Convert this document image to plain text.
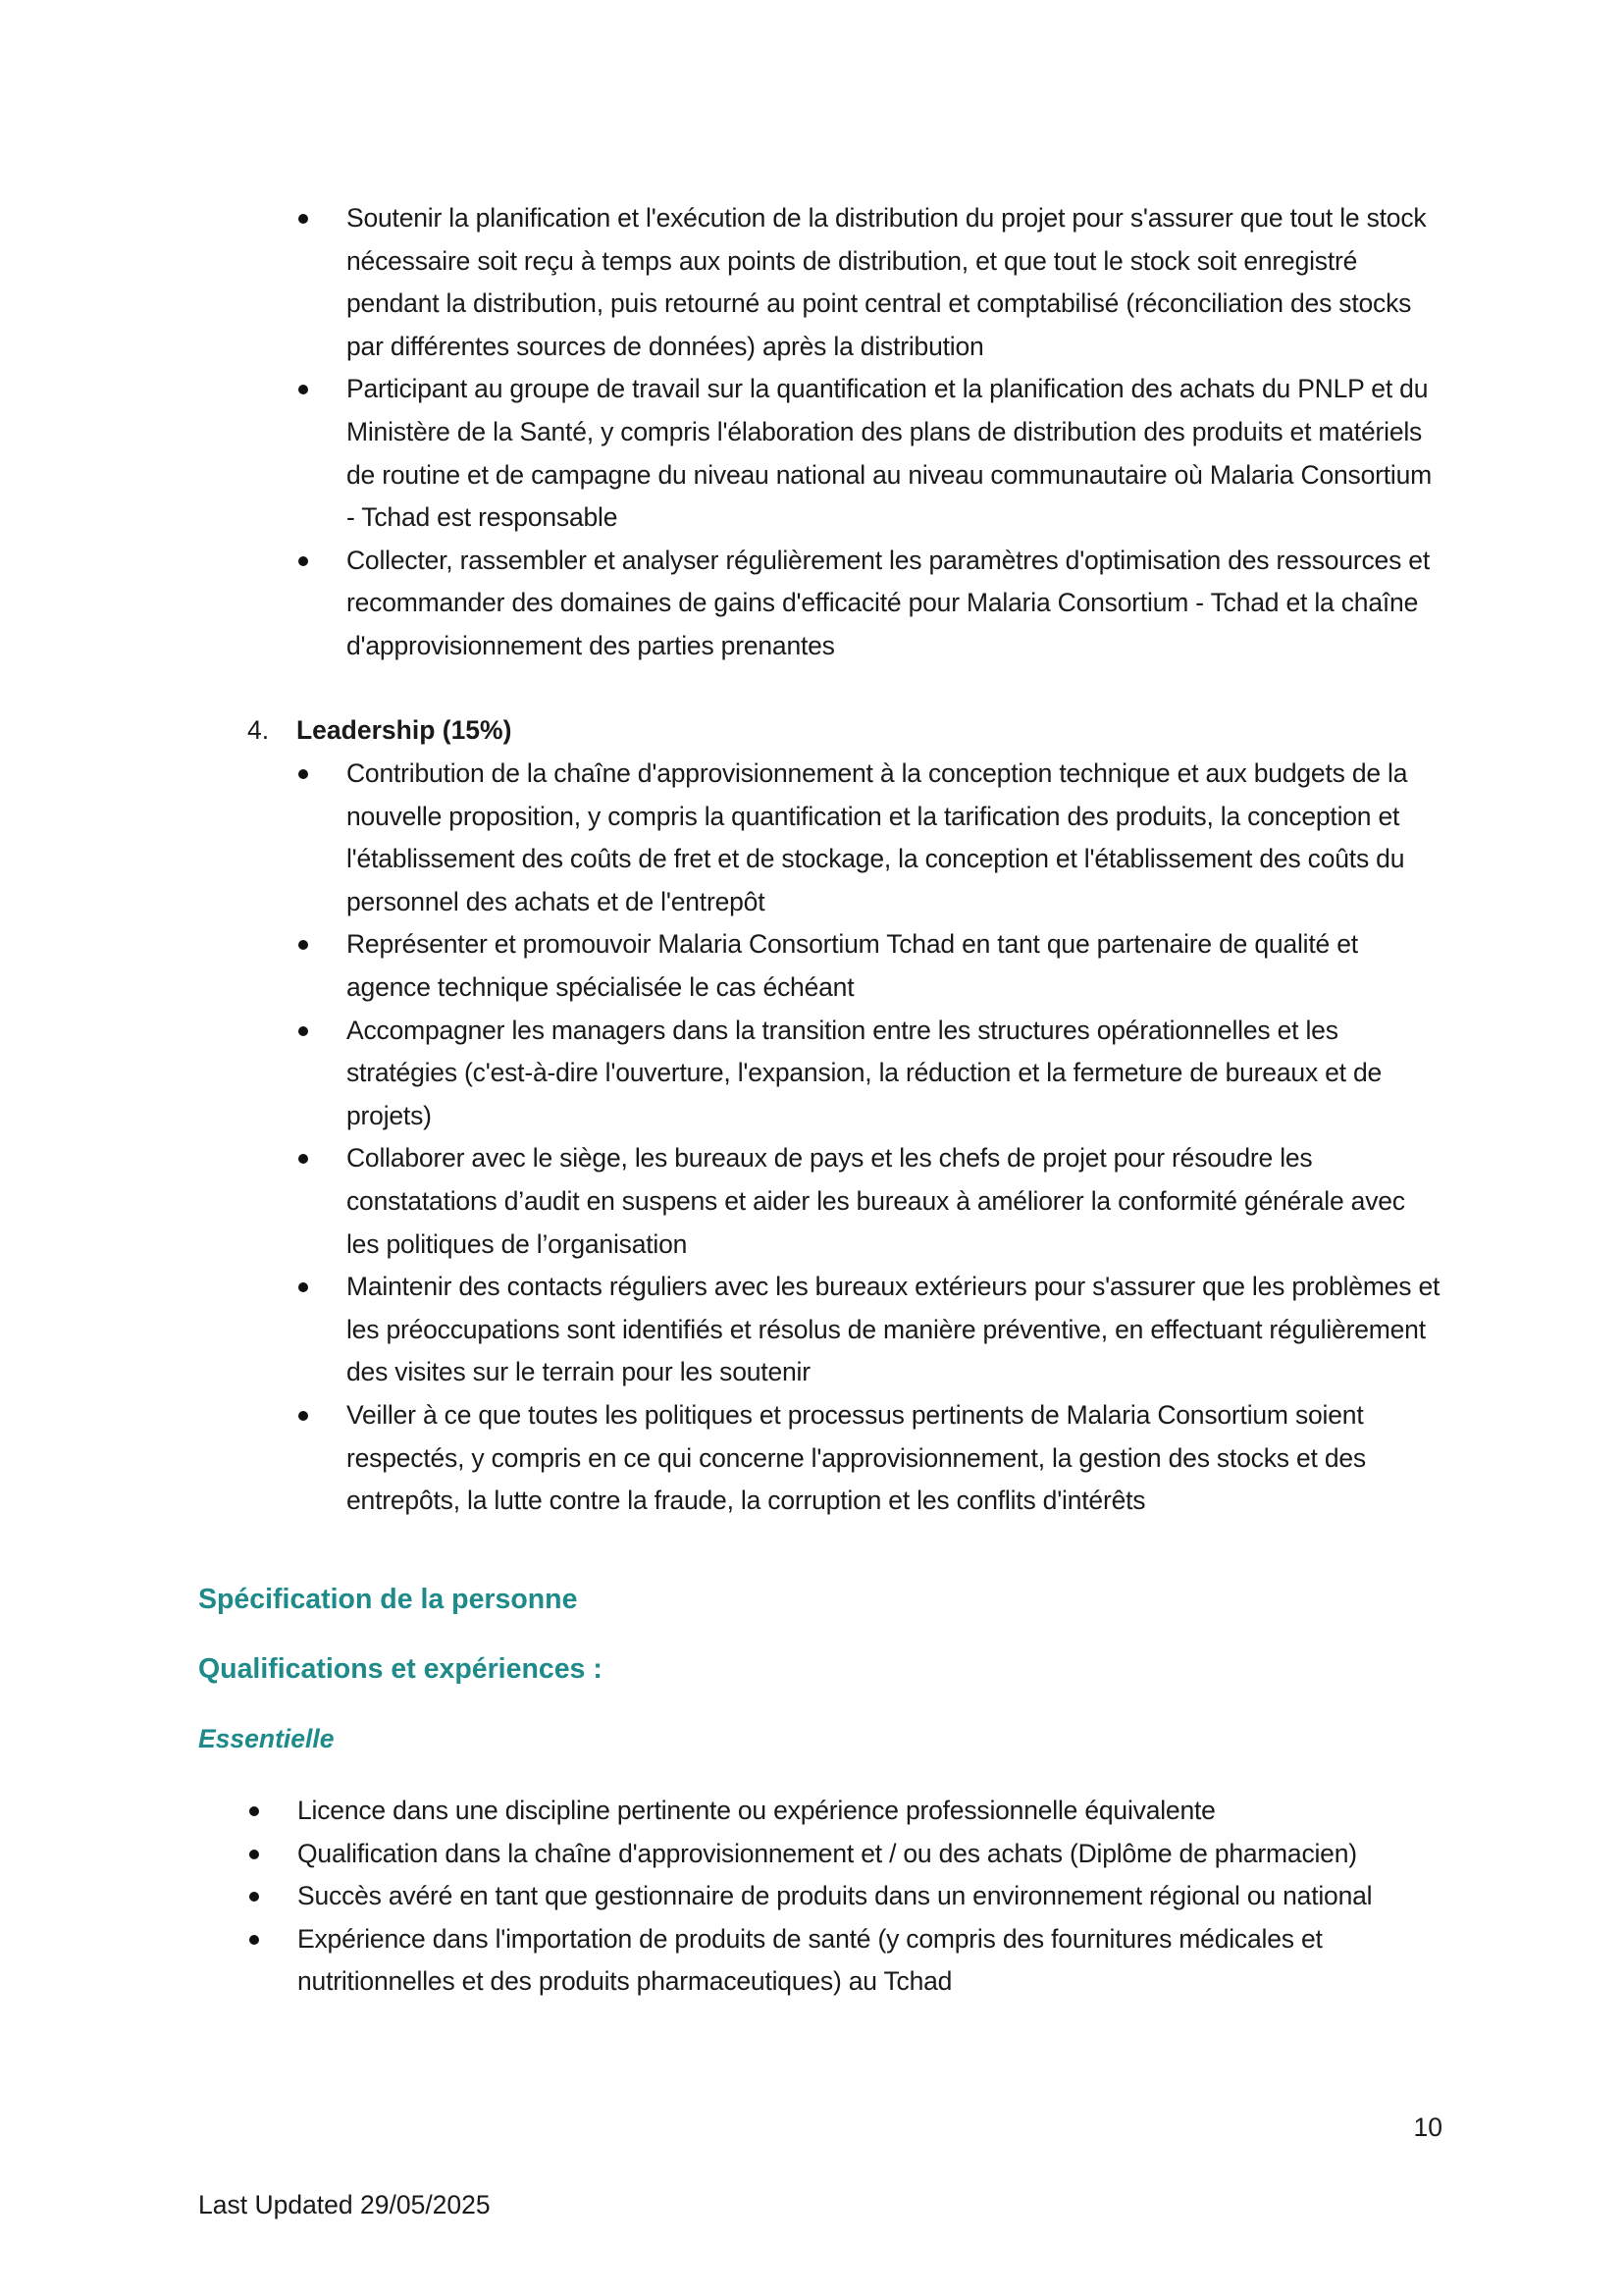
Soutenir la planification et l'exécution de la distribution du projet pour s'assurer que tout le stock nécessaire soit reçu à temps aux points de distribution, et que tout le stock soit enregistré pendant la distribution, puis retourné au point central et comptabilisé (réconciliation des stocks par différentes sources de données) après la distribution
Participant au groupe de travail sur la quantification et la planification des achats du PNLP et du Ministère de la Santé, y compris l'élaboration des plans de distribution des produits et matériels de routine et de campagne du niveau national au niveau communautaire où Malaria Consortium - Tchad est responsable
Collecter, rassembler et analyser régulièrement les paramètres d'optimisation des ressources et recommander des domaines de gains d'efficacité pour Malaria Consortium - Tchad et la chaîne d'approvisionnement des parties prenantes
4. Leadership (15%)
Contribution de la chaîne d'approvisionnement à la conception technique et aux budgets de la nouvelle proposition, y compris la quantification et la tarification des produits, la conception et l'établissement des coûts de fret et de stockage, la conception et l'établissement des coûts du personnel des achats et de l'entrepôt
Représenter et promouvoir Malaria Consortium Tchad en tant que partenaire de qualité et agence technique spécialisée le cas échéant
Accompagner les managers dans la transition entre les structures opérationnelles et les stratégies (c'est-à-dire l'ouverture, l'expansion, la réduction et la fermeture de bureaux et de projets)
Collaborer avec le siège, les bureaux de pays et les chefs de projet pour résoudre les constatations d’audit en suspens et aider les bureaux à améliorer la conformité générale avec les politiques de l’organisation
Maintenir des contacts réguliers avec les bureaux extérieurs pour s'assurer que les problèmes et les préoccupations sont identifiés et résolus de manière préventive, en effectuant régulièrement des visites sur le terrain pour les soutenir
Veiller à ce que toutes les politiques et processus pertinents de Malaria Consortium soient respectés, y compris en ce qui concerne l'approvisionnement, la gestion des stocks et des entrepôts, la lutte contre la fraude, la corruption et les conflits d'intérêts
Spécification de la personne
Qualifications et expériences :
Essentielle
Licence dans une discipline pertinente ou expérience professionnelle équivalente
Qualification dans la chaîne d'approvisionnement et / ou des achats (Diplôme de pharmacien)
Succès avéré en tant que gestionnaire de produits dans un environnement régional ou national
Expérience dans l'importation de produits de santé (y compris des fournitures médicales et nutritionnelles et des produits pharmaceutiques) au Tchad
10
Last Updated 29/05/2025
